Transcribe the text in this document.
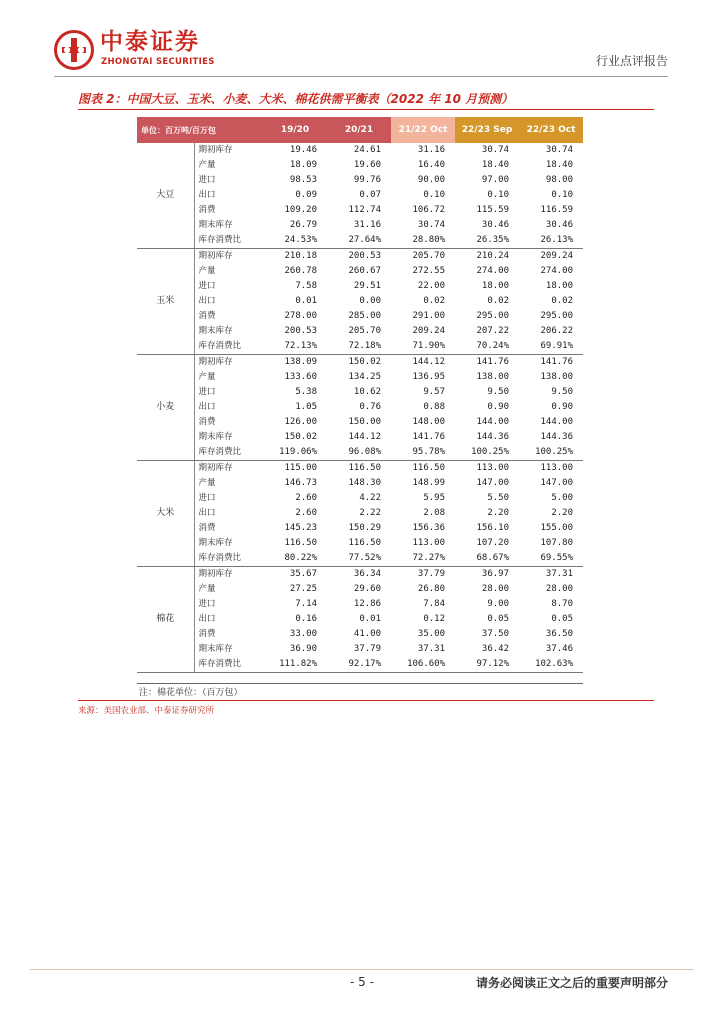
中泰证券
ZHONGTAI SECURITIES	行业点评报告
图表 2：中国大豆、玉米、小麦、大米、棉花供需平衡表（2022 年 10 月预测）
单位：百万吨/百万包		19/20	20/21	21/22 Oct	22/23 Sep	22/23 Oct
大豆	期初库存	19.46	24.61	31.16	30.74	30.74
	产量	18.09	19.60	16.40	18.40	18.40
	进口	98.53	99.76	90.00	97.00	98.00
	出口	0.09	0.07	0.10	0.10	0.10
	消费	109.20	112.74	106.72	115.59	116.59
	期末库存	26.79	31.16	30.74	30.46	30.46
	库存消费比	24.53%	27.64%	28.80%	26.35%	26.13%
玉米	期初库存	210.18	200.53	205.70	210.24	209.24
	产量	260.78	260.67	272.55	274.00	274.00
	进口	7.58	29.51	22.00	18.00	18.00
	出口	0.01	0.00	0.02	0.02	0.02
	消费	278.00	285.00	291.00	295.00	295.00
	期末库存	200.53	205.70	209.24	207.22	206.22
	库存消费比	72.13%	72.18%	71.90%	70.24%	69.91%
小麦	期初库存	138.09	150.02	144.12	141.76	141.76
	产量	133.60	134.25	136.95	138.00	138.00
	进口	5.38	10.62	9.57	9.50	9.50
	出口	1.05	0.76	0.88	0.90	0.90
	消费	126.00	150.00	148.00	144.00	144.00
	期末库存	150.02	144.12	141.76	144.36	144.36
	库存消费比	119.06%	96.08%	95.78%	100.25%	100.25%
大米	期初库存	115.00	116.50	116.50	113.00	113.00
	产量	146.73	148.30	148.99	147.00	147.00
	进口	2.60	4.22	5.95	5.50	5.00
	出口	2.60	2.22	2.08	2.20	2.20
	消费	145.23	150.29	156.36	156.10	155.00
	期末库存	116.50	116.50	113.00	107.20	107.80
	库存消费比	80.22%	77.52%	72.27%	68.67%	69.55%
棉花	期初库存	35.67	36.34	37.79	36.97	37.31
	产量	27.25	29.60	26.80	28.00	28.00
	进口	7.14	12.86	7.84	9.00	8.70
	出口	0.16	0.01	0.12	0.05	0.05
	消费	33.00	41.00	35.00	37.50	36.50
	期末库存	36.90	37.79	37.31	36.42	37.46
	库存消费比	111.82%	92.17%	106.60%	97.12%	102.63%
注：棉花单位：（百万包）
来源：美国农业部、中泰证券研究所
- 5 -	请务必阅读正文之后的重要声明部分
